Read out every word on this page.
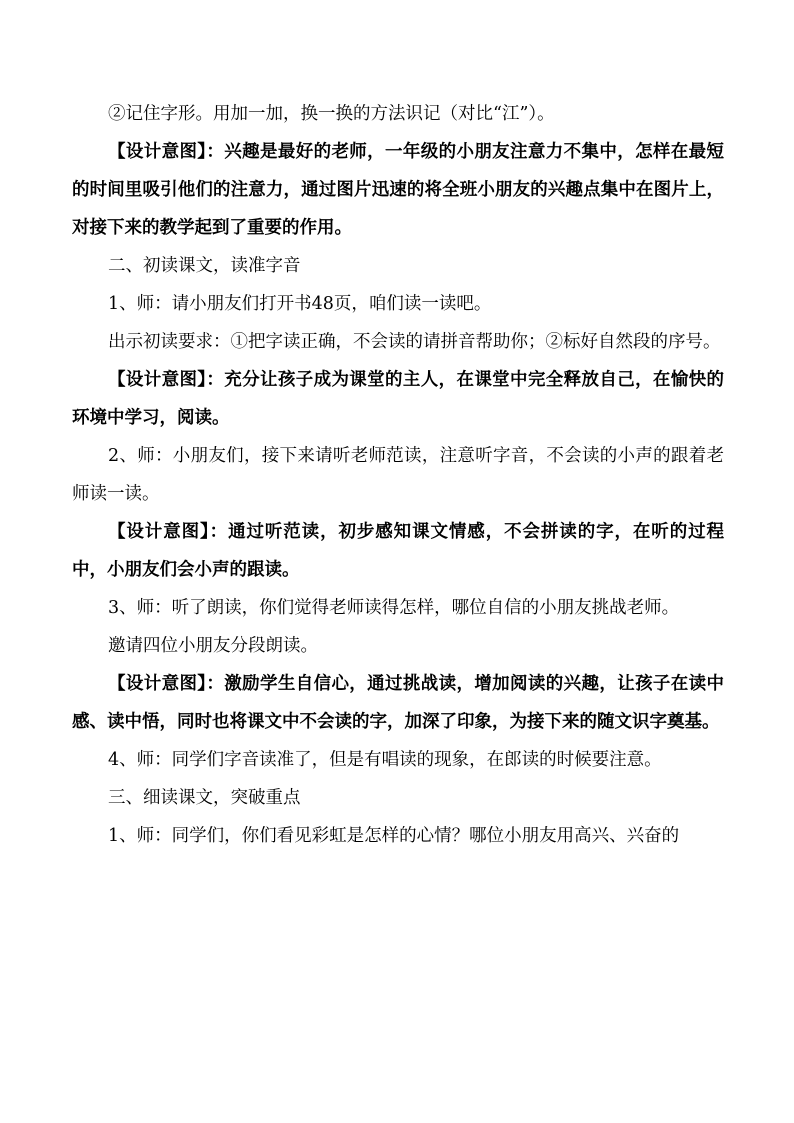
②记住字形。用加一加，换一换的方法识记（对比“江”）。

【设计意图】：兴趣是最好的老师，一年级的小朋友注意力不集中，怎样在最短的时间里吸引他们的注意力，通过图片迅速的将全班小朋友的兴趣点集中在图片上，对接下来的教学起到了重要的作用。

二、初读课文，读准字音

1、师：请小朋友们打开书48页，咱们读一读吧。

出示初读要求：①把字读正确，不会读的请拼音帮助你；②标好自然段的序号。

【设计意图】：充分让孩子成为课堂的主人，在课堂中完全释放自己，在愉快的环境中学习，阅读。

2、师：小朋友们，接下来请听老师范读，注意听字音，不会读的小声的跟着老师读一读。

【设计意图】：通过听范读，初步感知课文情感，不会拼读的字，在听的过程中，小朋友们会小声的跟读。

3、师：听了朗读，你们觉得老师读得怎样，哪位自信的小朋友挑战老师。

邀请四位小朋友分段朗读。

【设计意图】：激励学生自信心，通过挑战读，增加阅读的兴趣，让孩子在读中感、读中悟，同时也将课文中不会读的字，加深了印象，为接下来的随文识字奠基。

4、师：同学们字音读准了，但是有唱读的现象，在郎读的时候要注意。

三、细读课文，突破重点

1、师：同学们，你们看见彩虹是怎样的心情？哪位小朋友用高兴、兴奋的
